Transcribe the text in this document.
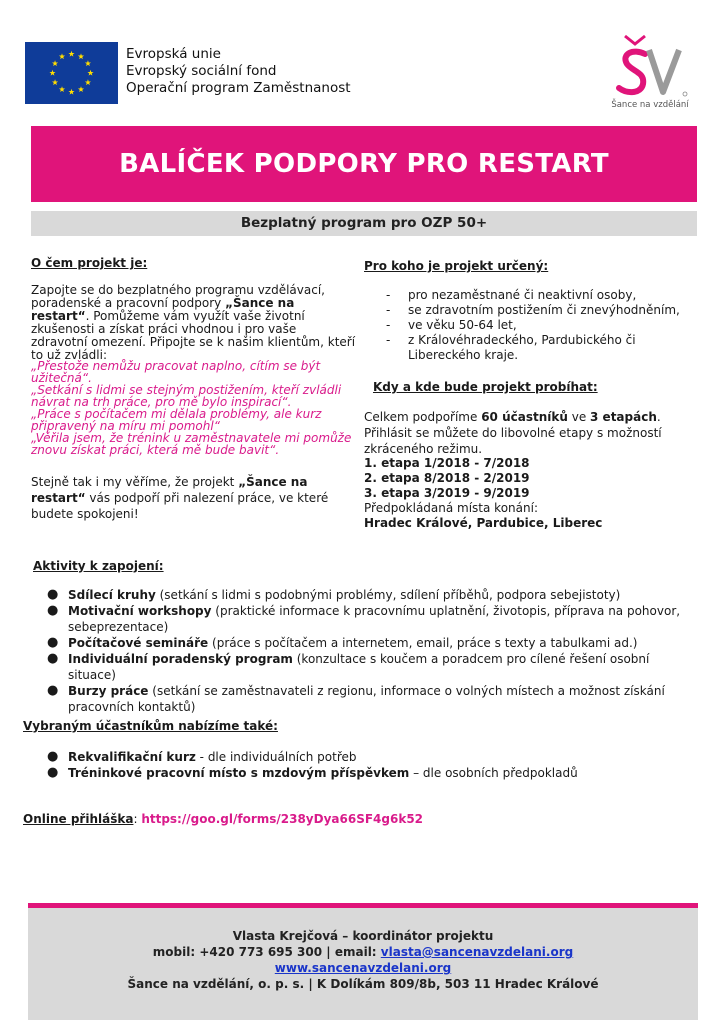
Evropská unie
Evropský sociální fond
Operační program Zaměstnanost
Šance na vzdělání
BALÍČEK PODPORY PRO RESTART
Bezplatný program pro OZP 50+
O čem projekt je:
Zapojte se do bezplatného programu vzdělávací, poradenské a pracovní podpory „Šance na restart“. Pomůžeme vám využít vaše životní zkušenosti a získat práci vhodnou i pro vaše zdravotní omezení. Připojte se k našim klientům, kteří to už zvládli:
„Přestože nemůžu pracovat naplno, cítím se být užitečná“.
„Setkání s lidmi se stejným postižením, kteří zvládli návrat na trh práce, pro mě bylo inspirací“.
„Práce s počítačem mi dělala problémy, ale kurz připravený na míru mi pomohl“
„Věřila jsem, že trénink u zaměstnavatele mi pomůže znovu získat práci, která mě bude bavit“.
Stejně tak i my věříme, že projekt „Šance na restart“ vás podpoří při nalezení práce, ve které budete spokojeni!
Pro koho je projekt určený:
- pro nezaměstnané či neaktivní osoby,
- se zdravotním postižením či znevýhodněním,
- ve věku 50-64 let,
- z Královéhradeckého, Pardubického či Libereckého kraje.
Kdy a kde bude projekt probíhat:
Celkem podpoříme 60 účastníků ve 3 etapách. Přihlásit se můžete do libovolné etapy s možností zkráceného režimu.
1. etapa 1/2018 - 7/2018
2. etapa 8/2018 - 2/2019
3. etapa 3/2019 - 9/2019
Předpokládaná místa konání:
Hradec Králové, Pardubice, Liberec
Aktivity k zapojení:
● Sdílecí kruhy (setkání s lidmi s podobnými problémy, sdílení příběhů, podpora sebejistoty)
● Motivační workshopy (praktické informace k pracovnímu uplatnění, životopis, příprava na pohovor, sebeprezentace)
● Počítačové semináře (práce s počítačem a internetem, email, práce s texty a tabulkami ad.)
● Individuální poradenský program (konzultace s koučem a poradcem pro cílené řešení osobní situace)
● Burzy práce (setkání se zaměstnavateli z regionu, informace o volných místech a možnost získání pracovních kontaktů)
Vybraným účastníkům nabízíme také:
● Rekvalifikační kurz - dle individuálních potřeb
● Tréninkové pracovní místo s mzdovým příspěvkem – dle osobních předpokladů
Online přihláška: https://goo.gl/forms/238yDya66SF4g6k52
Vlasta Krejčová – koordinátor projektu
mobil: +420 773 695 300 | email: vlasta@sancenavzdelani.org
www.sancenavzdelani.org
Šance na vzdělání, o. p. s. | K Dolíkám 809/8b, 503 11 Hradec Králové
